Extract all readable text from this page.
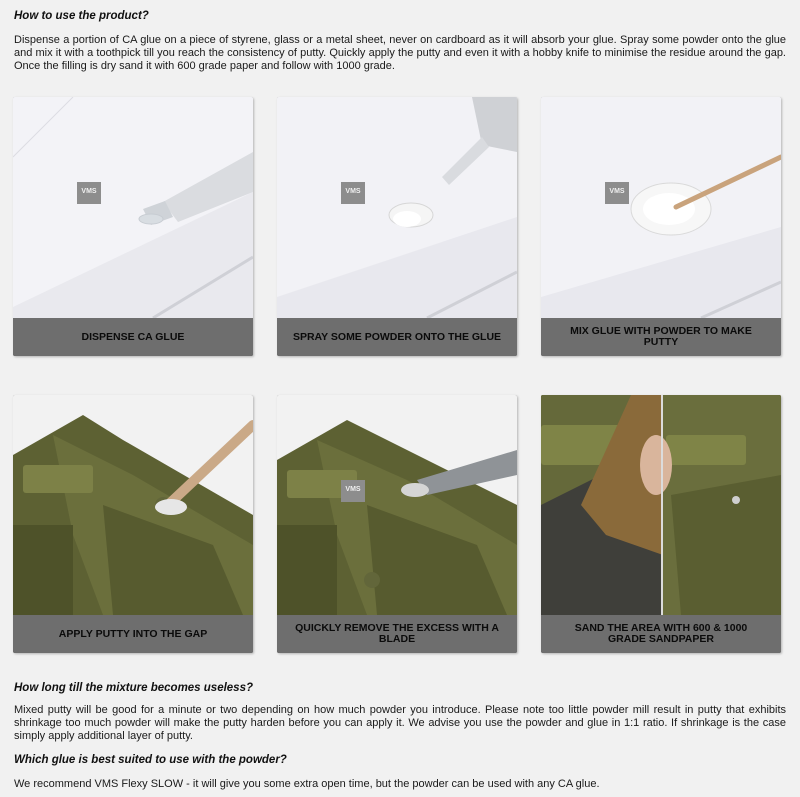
How to use the product?
Dispense a portion of CA glue on a piece of styrene, glass or a metal sheet, never on cardboard as it will absorb your glue. Spray some powder onto the glue and mix it with a toothpick till you reach the consistency of putty. Quickly apply the putty and even it with a hobby knife to minimise the residue around the gap. Once the filling is dry sand it with 600 grade paper and follow with 1000 grade.
VMS
DISPENSE CA GLUE
VMS
SPRAY SOME POWDER ONTO THE GLUE
VMS
MIX GLUE WITH POWDER TO MAKE PUTTY
APPLY PUTTY INTO THE GAP
VMS
QUICKLY REMOVE THE EXCESS WITH A BLADE
SAND THE AREA WITH 600 & 1000 GRADE SANDPAPER
How long till the mixture becomes useless?
Mixed putty will be good for a minute or two depending on how much powder you introduce. Please note too little powder mill result in putty that exhibits shrinkage too much powder will make the putty harden before you can apply it. We advise you use the powder and glue in 1:1 ratio. If shrinkage is the case simply apply additional layer of putty.
Which glue is best suited to use with the powder?
We recommend VMS Flexy SLOW - it will give you some extra open time, but the powder can be used with any CA glue.
